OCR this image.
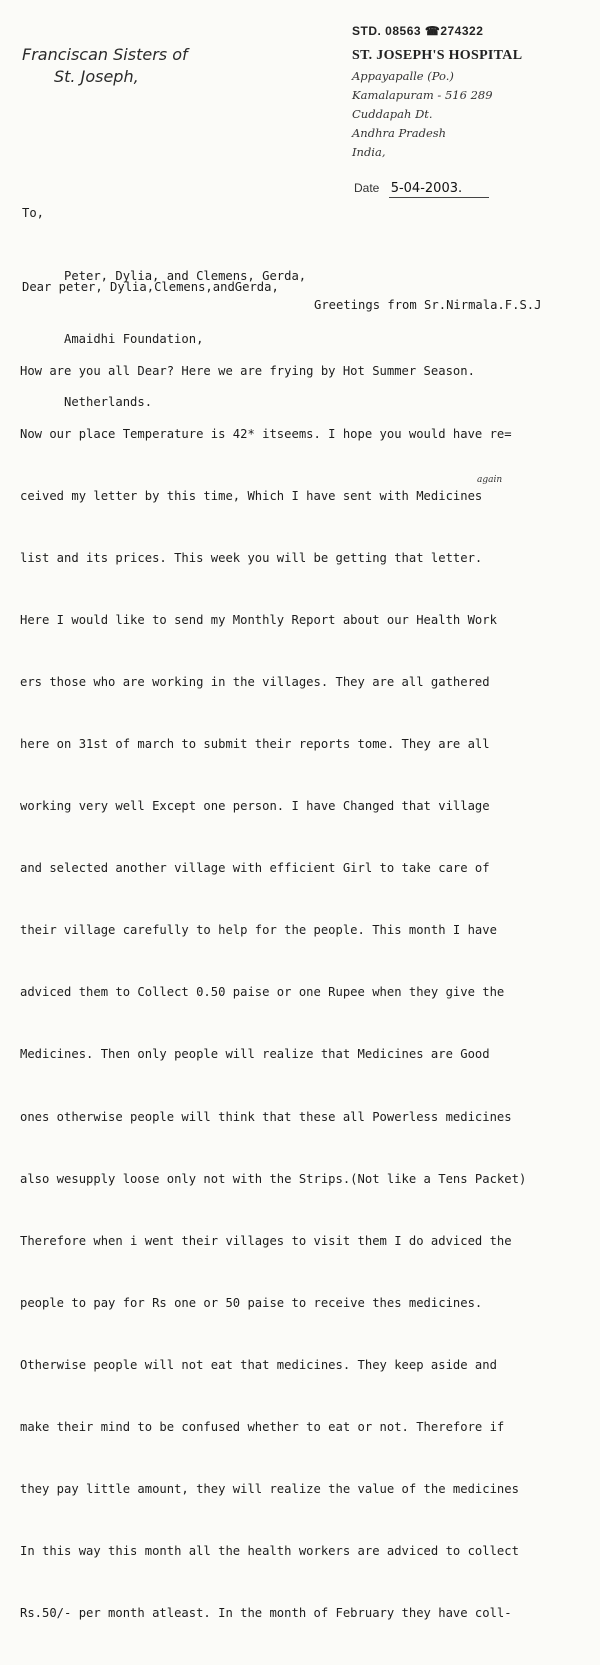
Franciscan Sisters of
St. Joseph,
STD. 08563 ☎274322
ST. JOSEPH'S HOSPITAL
Appayapalle (Po.)
Kamalapuram - 516 289
Cuddapah Dt.
Andhra Pradesh
India,
Date 5-04-2003.
To,

Peter, Dylia, and Clemens, Gerda,

Amaidhi Foundation,

Netherlands.

Dear peter, Dylia,Clemens,andGerda,
Greetings from Sr.Nirmala.F.S.J
again

How are you all Dear? Here we are frying by Hot Summer Season.

Now our place Temperature is 42* itseems. I hope you would have re=

ceived my letter by this time, Which I have sent with Medicines

list and its prices. This week you will be getting that letter.

Here I would like to send my Monthly Report about our Health Work

ers those who are working in the villages. They are all gathered

here on 31st of march to submit their reports tome. They are all

working very well Except one person. I have Changed that village

and selected another village with efficient Girl to take care of

their village carefully to help for the people. This month I have

adviced them to Collect 0.50 paise or one Rupee when they give the

Medicines. Then only people will realize that Medicines are Good

ones otherwise people will think that these all Powerless medicines

also wesupply loose only not with the Strips.(Not like a Tens Packet)

Therefore when i went their villages to visit them I do adviced the

people to pay for Rs one or 50 paise to receive thes medicines.

Otherwise people will not eat that medicines. They keep aside and

make their mind to be confused whether to eat or not. Therefore if

they pay little amount, they will realize the value of the medicines

In this way this month all the health workers are adviced to collect

Rs.50/- per month atleast. In the month of February they have coll-
